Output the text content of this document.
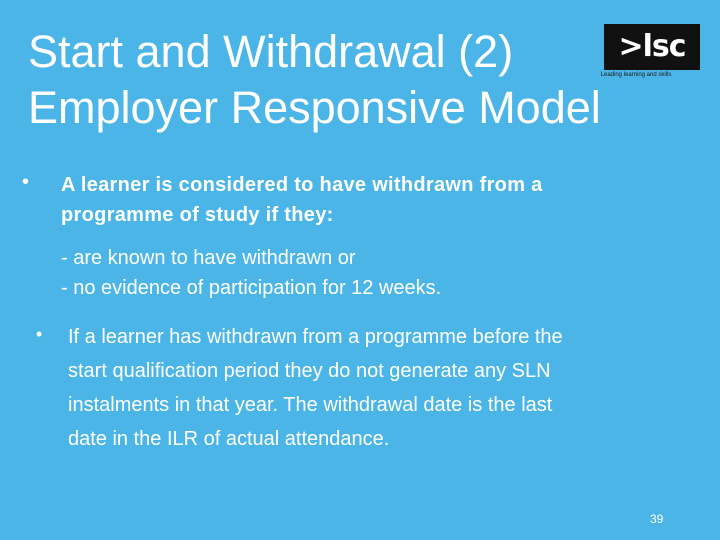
Start and Withdrawal (2)
Employer Responsive Model
>lsc
Leading learning and skills
• A learner is considered to have withdrawn from a
programme of study if they:
- are known to have withdrawn or
- no evidence of participation for 12 weeks.
• If a learner has withdrawn from a programme before the
start qualification period they do not generate any SLN
instalments in that year. The withdrawal date is the last
date in the ILR of actual attendance.
39
